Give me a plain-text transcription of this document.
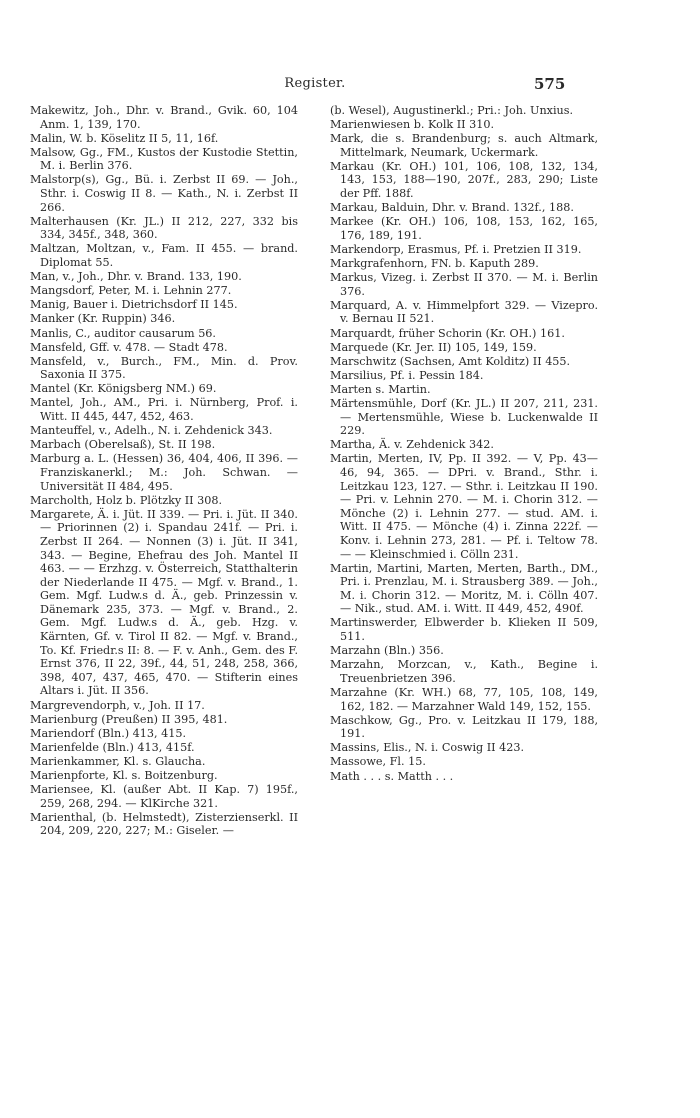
Register.	575

Makewitz, Joh., Dhr. v. Brand., Gvik. 60, 104 Anm. 1, 139, 170.

Malin, W. b. Köselitz II 5, 11, 16f.

Malsow, Gg., FM., Kustos der Kustodie Stettin, M. i. Berlin 376.

Malstorp(s), Gg., Bü. i. Zerbst II 69. — Joh., Sthr. i. Coswig II 8. — Kath., N. i. Zerbst II 266.

Malterhausen (Kr. JL.) II 212, 227, 332 bis 334, 345f., 348, 360.

Maltzan, Moltzan, v., Fam. II 455. — brand. Diplomat 55.

Man, v., Joh., Dhr. v. Brand. 133, 190.

Mangsdorf, Peter, M. i. Lehnin 277.

Manig, Bauer i. Dietrichsdorf II 145.

Manker (Kr. Ruppin) 346.

Manlis, C., auditor causarum 56.

Mansfeld, Gff. v. 478. — Stadt 478.

Mansfeld, v., Burch., FM., Min. d. Prov. Saxonia II 375.

Mantel (Kr. Königsberg NM.) 69.

Mantel, Joh., AM., Pri. i. Nürnberg, Prof. i. Witt. II 445, 447, 452, 463.

Manteuffel, v., Adelh., N. i. Zehdenick 343.

Marbach (Oberelsaß), St. II 198.

Marburg a. L. (Hessen) 36, 404, 406, II 396. — Franziskanerkl.; M.: Joh. Schwan. — Universität II 484, 495.

Marcholth, Holz b. Plötzky II 308.

Margarete, Ä. i. Jüt. II 339. — Pri. i. Jüt. II 340. — Priorinnen (2) i. Spandau 241f. — Pri. i. Zerbst II 264. — Nonnen (3) i. Jüt. II 341, 343. — Begine, Ehefrau des Joh. Mantel II 463. — — Erzhzg. v. Österreich, Statthalterin der Niederlande II 475. — Mgf. v. Brand., 1. Gem. Mgf. Ludw.s d. Ä., geb. Prinzessin v. Dänemark 235, 373. — Mgf. v. Brand., 2. Gem. Mgf. Ludw.s d. Ä., geb. Hzg. v. Kärnten, Gf. v. Tirol II 82. — Mgf. v. Brand., To. Kf. Friedr.s II: 8. — F. v. Anh., Gem. des F. Ernst 376, II 22, 39f., 44, 51, 248, 258, 366, 398, 407, 437, 465, 470. — Stifterin eines Altars i. Jüt. II 356.

Margrevendorph, v., Joh. II 17.

Marienburg (Preußen) II 395, 481.

Mariendorf (Bln.) 413, 415.

Marienfelde (Bln.) 413, 415f.

Marienkammer, Kl. s. Glaucha.

Marienpforte, Kl. s. Boitzenburg.

Mariensee, Kl. (außer Abt. II Kap. 7) 195f., 259, 268, 294. — KlKirche 321.

Marienthal, (b. Helmstedt), Zisterzienserkl. II 204, 209, 220, 227; M.: Giseler. —

(b. Wesel), Augustinerkl.; Pri.: Joh. Unxius.

Marienwiesen b. Kolk II 310.

Mark, die s. Brandenburg; s. auch Altmark, Mittelmark, Neumark, Uckermark.

Markau (Kr. OH.) 101, 106, 108, 132, 134, 143, 153, 188—190, 207f., 283, 290; Liste der Pff. 188f.

Markau, Balduin, Dhr. v. Brand. 132f., 188.

Markee (Kr. OH.) 106, 108, 153, 162, 165, 176, 189, 191.

Markendorp, Erasmus, Pf. i. Pretzien II 319.

Markgrafenhorn, FN. b. Kaputh 289.

Markus, Vizeg. i. Zerbst II 370. — M. i. Berlin 376.

Marquard, A. v. Himmelpfort 329. — Vizepro. v. Bernau II 521.

Marquardt, früher Schorin (Kr. OH.) 161.

Marquede (Kr. Jer. II) 105, 149, 159.

Marschwitz (Sachsen, Amt Kolditz) II 455.

Marsilius, Pf. i. Pessin 184.

Marten s. Martin.

Märtensmühle, Dorf (Kr. JL.) II 207, 211, 231. — Mertensmühle, Wiese b. Luckenwalde II 229.

Martha, Ä. v. Zehdenick 342.

Martin, Merten, IV, Pp. II 392. — V, Pp. 43—46, 94, 365. — DPri. v. Brand., Sthr. i. Leitzkau 123, 127. — Sthr. i. Leitzkau II 190. — Pri. v. Lehnin 270. — M. i. Chorin 312. — Mönche (2) i. Lehnin 277. — stud. AM. i. Witt. II 475. — Mönche (4) i. Zinna 222f. — Konv. i. Lehnin 273, 281. — Pf. i. Teltow 78. — — Kleinschmied i. Cölln 231.

Martin, Martini, Marten, Merten, Barth., DM., Pri. i. Prenzlau, M. i. Strausberg 389. — Joh., M. i. Chorin 312. — Moritz, M. i. Cölln 407. — Nik., stud. AM. i. Witt. II 449, 452, 490f.

Martinswerder, Elbwerder b. Klieken II 509, 511.

Marzahn (Bln.) 356.

Marzahn, Morzcan, v., Kath., Begine i. Treuenbrietzen 396.

Marzahne (Kr. WH.) 68, 77, 105, 108, 149, 162, 182. — Marzahner Wald 149, 152, 155.

Maschkow, Gg., Pro. v. Leitzkau II 179, 188, 191.

Massins, Elis., N. i. Coswig II 423.

Massowe, Fl. 15.

Math . . . s. Matth . . .
